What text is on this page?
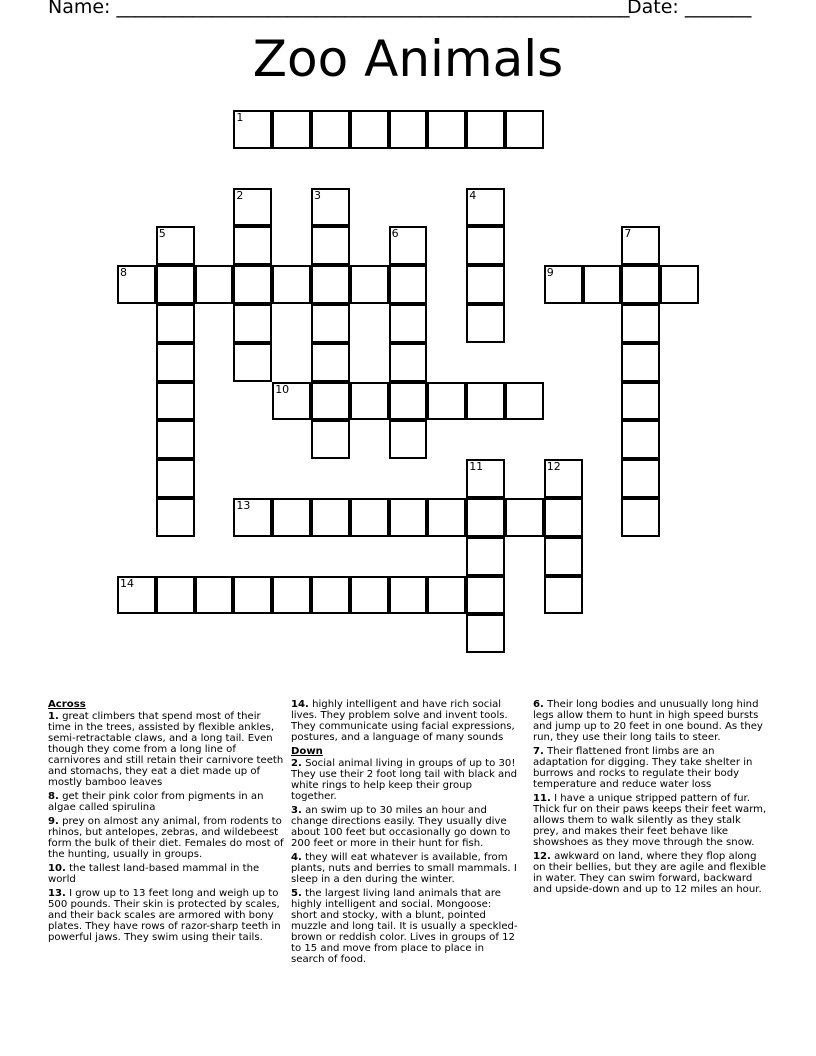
Name: ______________________________________________________
Date: _______
Zoo Animals
1
2	3	4
5	6	7
8	9
10
11	12
13
14
Across
1. great climbers that spend most of their time in the trees, assisted by flexible ankles, semi-retractable claws, and a long tail. Even though they come from a long line of carnivores and still retain their carnivore teeth and stomachs, they eat a diet made up of mostly bamboo leaves
8. get their pink color from pigments in an algae called spirulina
9. prey on almost any animal, from rodents to rhinos, but antelopes, zebras, and wildebeest form the bulk of their diet. Females do most of the hunting, usually in groups.
10. the tallest land-based mammal in the world
13. I grow up to 13 feet long and weigh up to 500 pounds. Their skin is protected by scales, and their back scales are armored with bony plates. They have rows of razor-sharp teeth in powerful jaws. They swim using their tails.
14. highly intelligent and have rich social lives. They problem solve and invent tools. They communicate using facial expressions, postures, and a language of many sounds
Down
2. Social animal living in groups of up to 30! They use their 2 foot long tail with black and white rings to help keep their group together.
3. an swim up to 30 miles an hour and change directions easily. They usually dive about 100 feet but occasionally go down to 200 feet or more in their hunt for fish.
4. they will eat whatever is available, from plants, nuts and berries to small mammals. I sleep in a den during the winter.
5. the largest living land animals that are highly intelligent and social. Mongoose: short and stocky, with a blunt, pointed muzzle and long tail. It is usually a speckled-brown or reddish color. Lives in groups of 12 to 15 and move from place to place in search of food.
6. Their long bodies and unusually long hind legs allow them to hunt in high speed bursts and jump up to 20 feet in one bound. As they run, they use their long tails to steer.
7. Their flattened front limbs are an adaptation for digging. They take shelter in burrows and rocks to regulate their body temperature and reduce water loss
11. I have a unique stripped pattern of fur. Thick fur on their paws keeps their feet warm, allows them to walk silently as they stalk prey, and makes their feet behave like showshoes as they move through the snow.
12. awkward on land, where they flop along on their bellies, but they are agile and flexible in water. They can swim forward, backward and upside-down and up to 12 miles an hour.
